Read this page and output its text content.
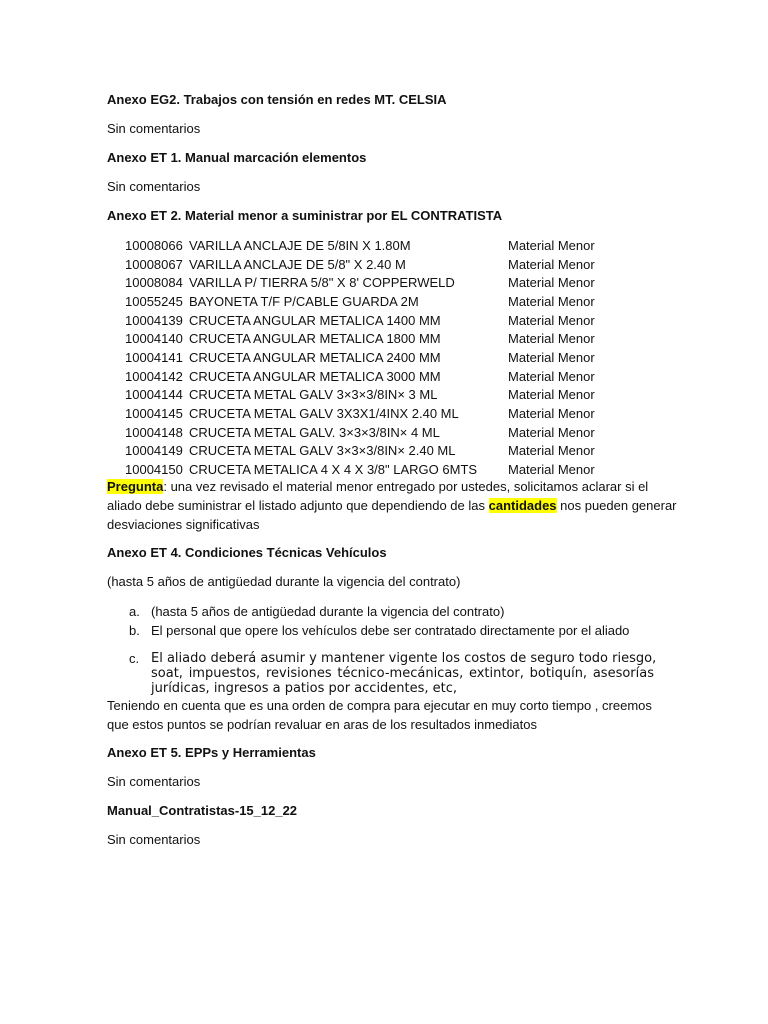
Anexo EG2. Trabajos con tensión en redes MT. CELSIA
Sin comentarios
Anexo ET 1. Manual marcación elementos
Sin comentarios
Anexo ET 2. Material menor a suministrar por EL CONTRATISTA
10008066 VARILLA ANCLAJE DE 5/8IN X 1.80M	Material Menor
10008067 VARILLA ANCLAJE DE 5/8" X 2.40 M	Material Menor
10008084 VARILLA P/ TIERRA 5/8" X 8' COPPERWELD	Material Menor
10055245 BAYONETA T/F P/CABLE GUARDA 2M	Material Menor
10004139 CRUCETA ANGULAR METALICA 1400 MM	Material Menor
10004140 CRUCETA ANGULAR METALICA 1800 MM	Material Menor
10004141 CRUCETA ANGULAR METALICA 2400 MM	Material Menor
10004142 CRUCETA ANGULAR METALICA 3000 MM	Material Menor
10004144 CRUCETA METAL GALV 3×3×3/8IN× 3 ML	Material Menor
10004145 CRUCETA METAL GALV 3X3X1/4INX 2.40 ML	Material Menor
10004148 CRUCETA METAL GALV. 3×3×3/8IN× 4 ML	Material Menor
10004149 CRUCETA METAL GALV 3×3×3/8IN× 2.40 ML	Material Menor
10004150 CRUCETA METALICA 4 X 4 X 3/8" LARGO 6MTS Material Menor
Pregunta: una vez revisado el material menor entregado por ustedes, solicitamos aclarar si el
aliado debe suministrar el listado adjunto que dependiendo de las cantidades nos pueden generar
desviaciones significativas
Anexo ET 4. Condiciones Técnicas Vehículos
(hasta 5 años de antigüedad durante la vigencia del contrato)
a. (hasta 5 años de antigüedad durante la vigencia del contrato)
b. El personal que opere los vehículos debe ser contratado directamente por el aliado
c. El aliado deberá asumir y mantener vigente los costos de seguro todo riesgo,
soat, impuestos, revisiones técnico-mecánicas, extintor, botiquín, asesorías
jurídicas, ingresos a patios por accidentes, etc,
Teniendo en cuenta que es una orden de compra para ejecutar en muy corto tiempo , creemos
que estos puntos se podrían revaluar en aras de los resultados inmediatos
Anexo ET 5. EPPs y Herramientas
Sin comentarios
Manual_Contratistas-15_12_22
Sin comentarios
